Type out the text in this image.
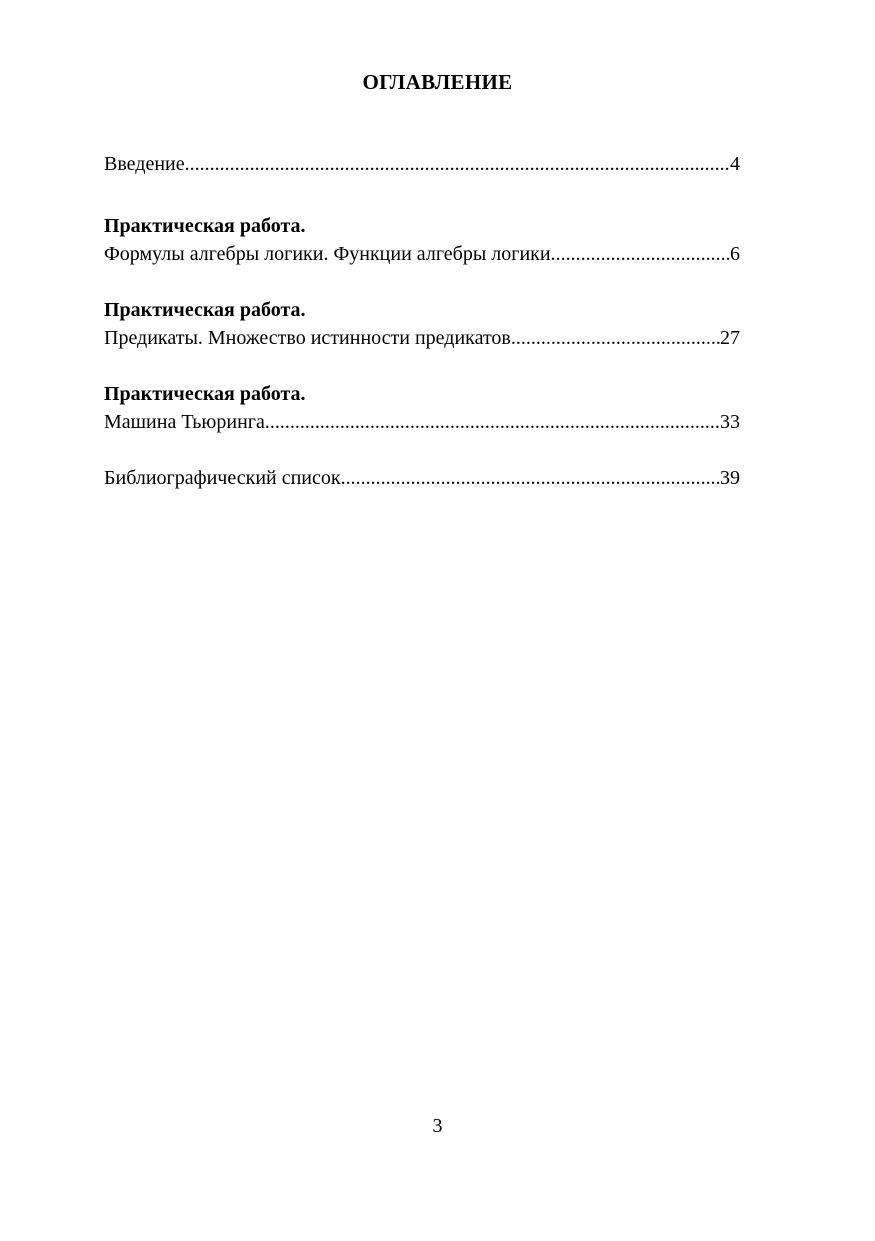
ОГЛАВЛЕНИЕ
Введение .....	4
Практическая работа.
Формулы алгебры логики. Функции алгебры логики .....	6
Практическая работа.
Предикаты. Множество истинности предикатов .....	27
Практическая работа.
Машина Тьюринга .....	33
Библиографический список .....	39
3
